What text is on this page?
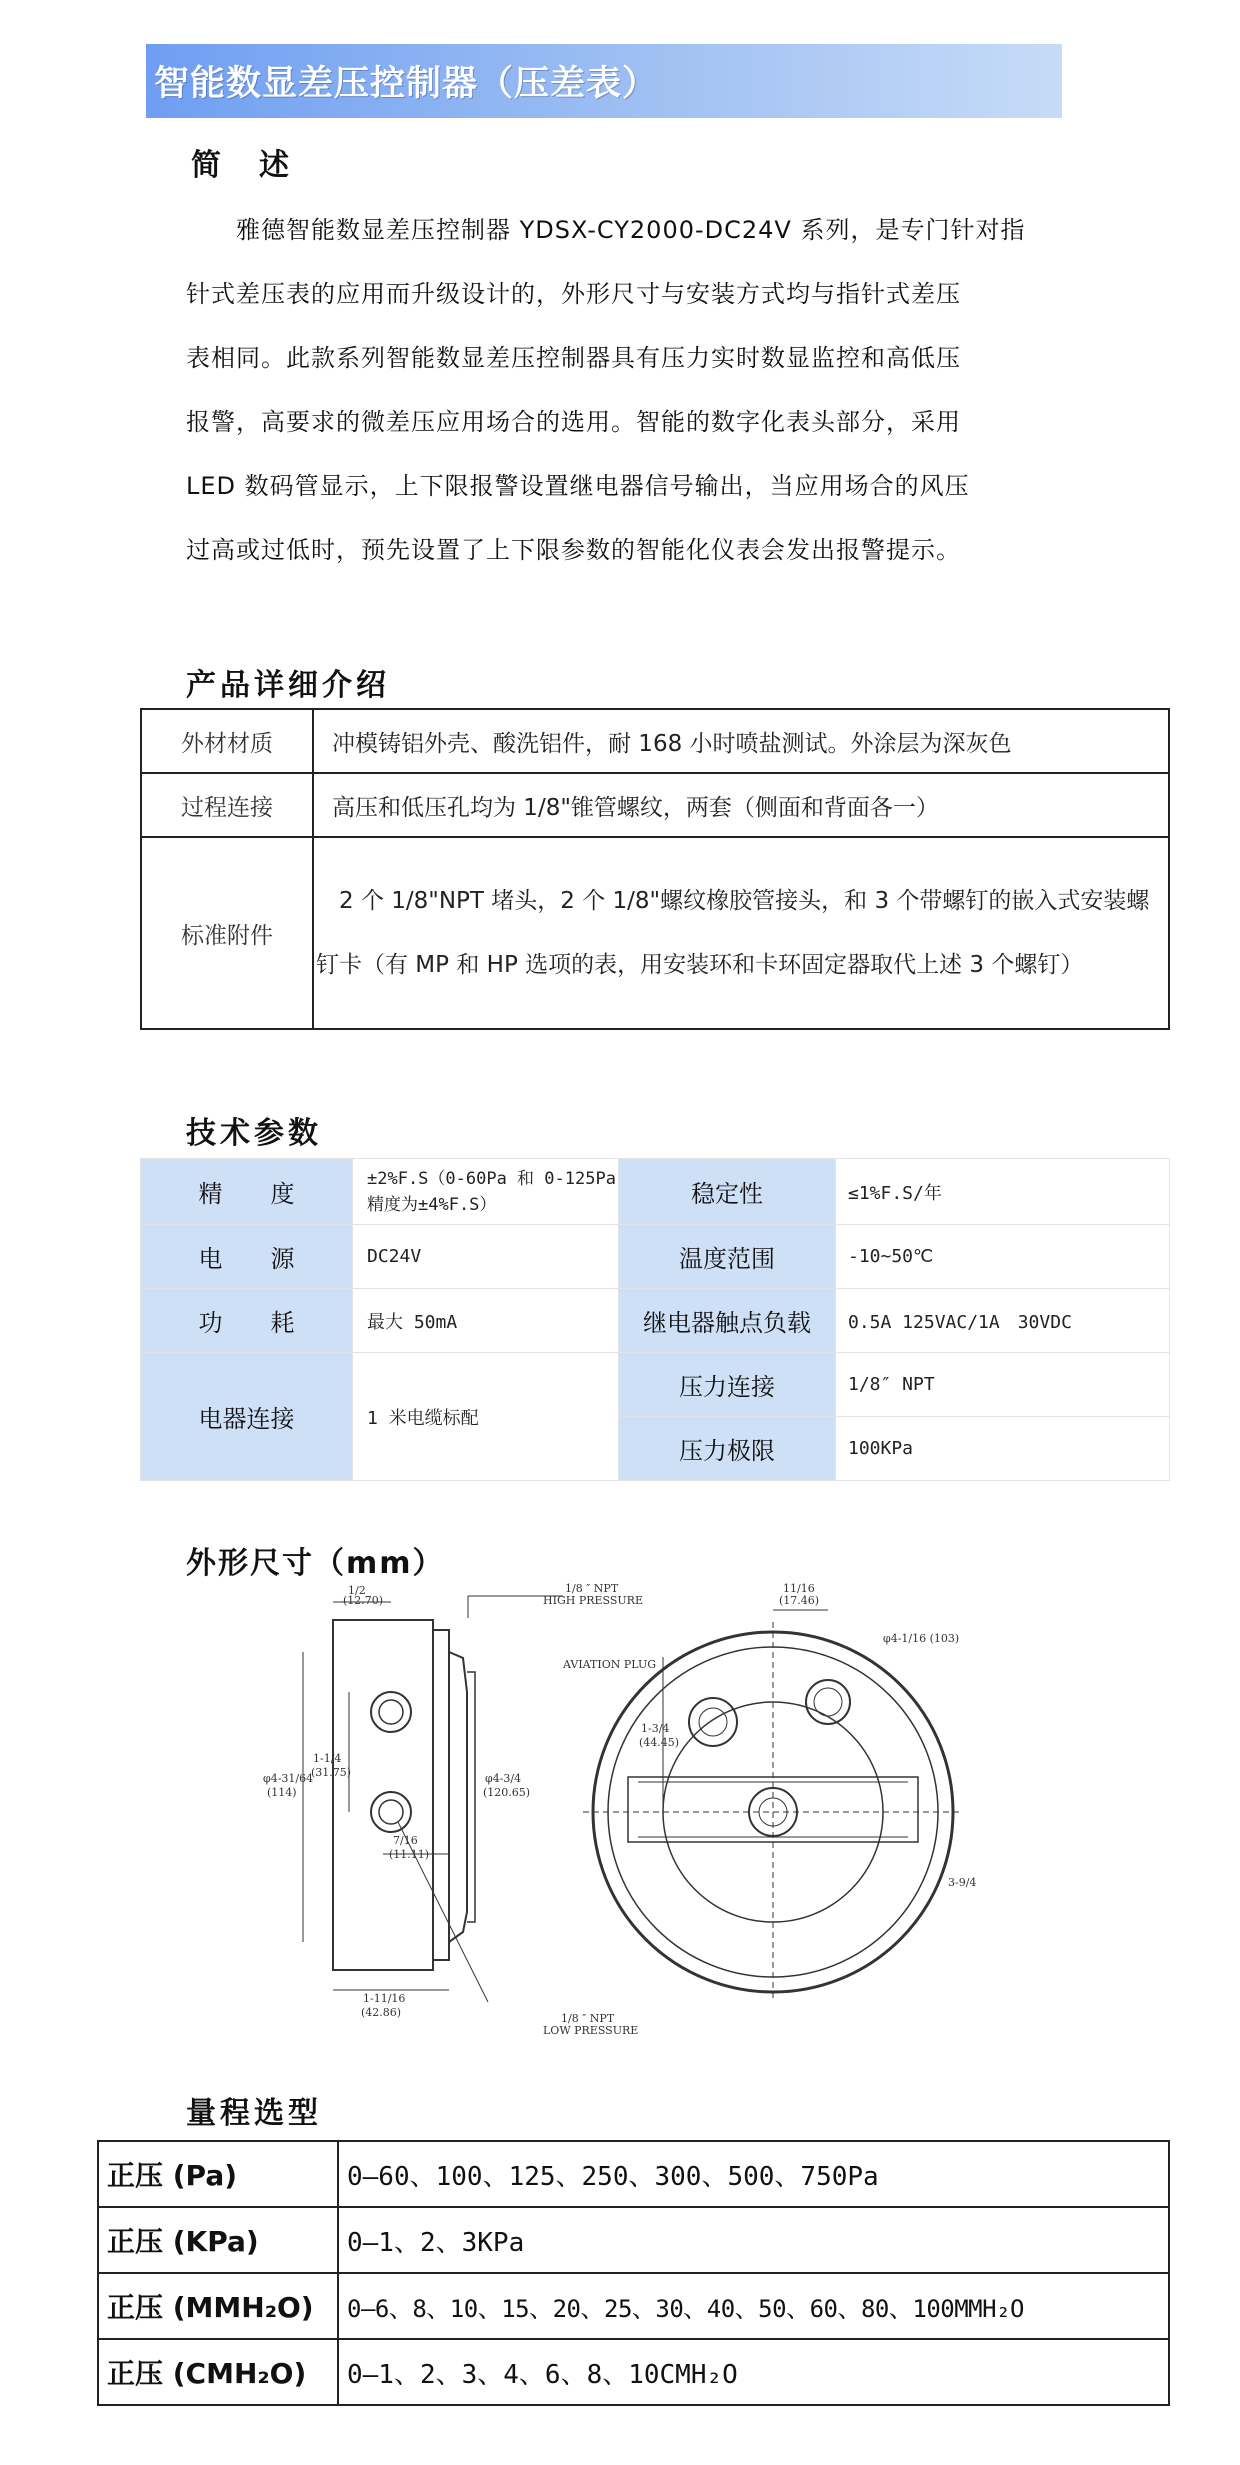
智能数显差压控制器（压差表）
简　述

　　雅德智能数显差压控制器 YDSX-CY2000-DC24V 系列，是专门针对指

针式差压表的应用而升级设计的，外形尺寸与安装方式均与指针式差压

表相同。此款系列智能数显差压控制器具有压力实时数显监控和高低压

报警，高要求的微差压应用场合的选用。智能的数字化表头部分，采用

LED 数码管显示，上下限报警设置继电器信号输出，当应用场合的风压

过高或过低时，预先设置了上下限参数的智能化仪表会发出报警提示。

产品详细介绍
外材材质	冲模铸铝外壳、酸洗铝件，耐 168 小时喷盐测试。外涂层为深灰色
过程连接	高压和低压孔均为 1/8"锥管螺纹，两套（侧面和背面各一）
标准附件	　2 个 1/8"NPT 堵头，2 个 1/8"螺纹橡胶管接头，和 3 个带螺钉的嵌入式安装螺钉卡（有 MP 和 HP 选项的表，用安装环和卡环固定器取代上述 3 个螺钉）
技术参数
精　　度	±2%F.S（0-60Pa 和 0-125Pa 精度为±4%F.S）	稳定性	≤1%F.S/年
电　　源	DC24V	温度范围	-10~50℃
功　　耗	最大 50mA	继电器触点负载	0.5A 125VAC/1A　30VDC
电器连接	1 米电缆标配	压力连接	1/8″ NPT
		压力极限	100KPa
外形尺寸（mm）
1/2
(12.70)
1-1/4
(31.75)
φ4-31/64
(114)
φ4-3/4
(120.65)
7/16
(11.11)
1-11/16
(42.86)
1/8 ″ NPT
HIGH PRESSURE
1/8 ″ NPT
LOW PRESSURE
AVIATION PLUG
11/16
(17.46)
1-3/4
(44.45)
φ4-1/16 (103)
3-9/4
量程选型
正压 (Pa)	0—60、100、125、250、300、500、750Pa
正压 (KPa)	0—1、2、3KPa
正压 (MMH₂O)	0—6、8、10、15、20、25、30、40、50、60、80、100MMH₂O
正压 (CMH₂O)	0—1、2、3、4、6、8、10CMH₂O
